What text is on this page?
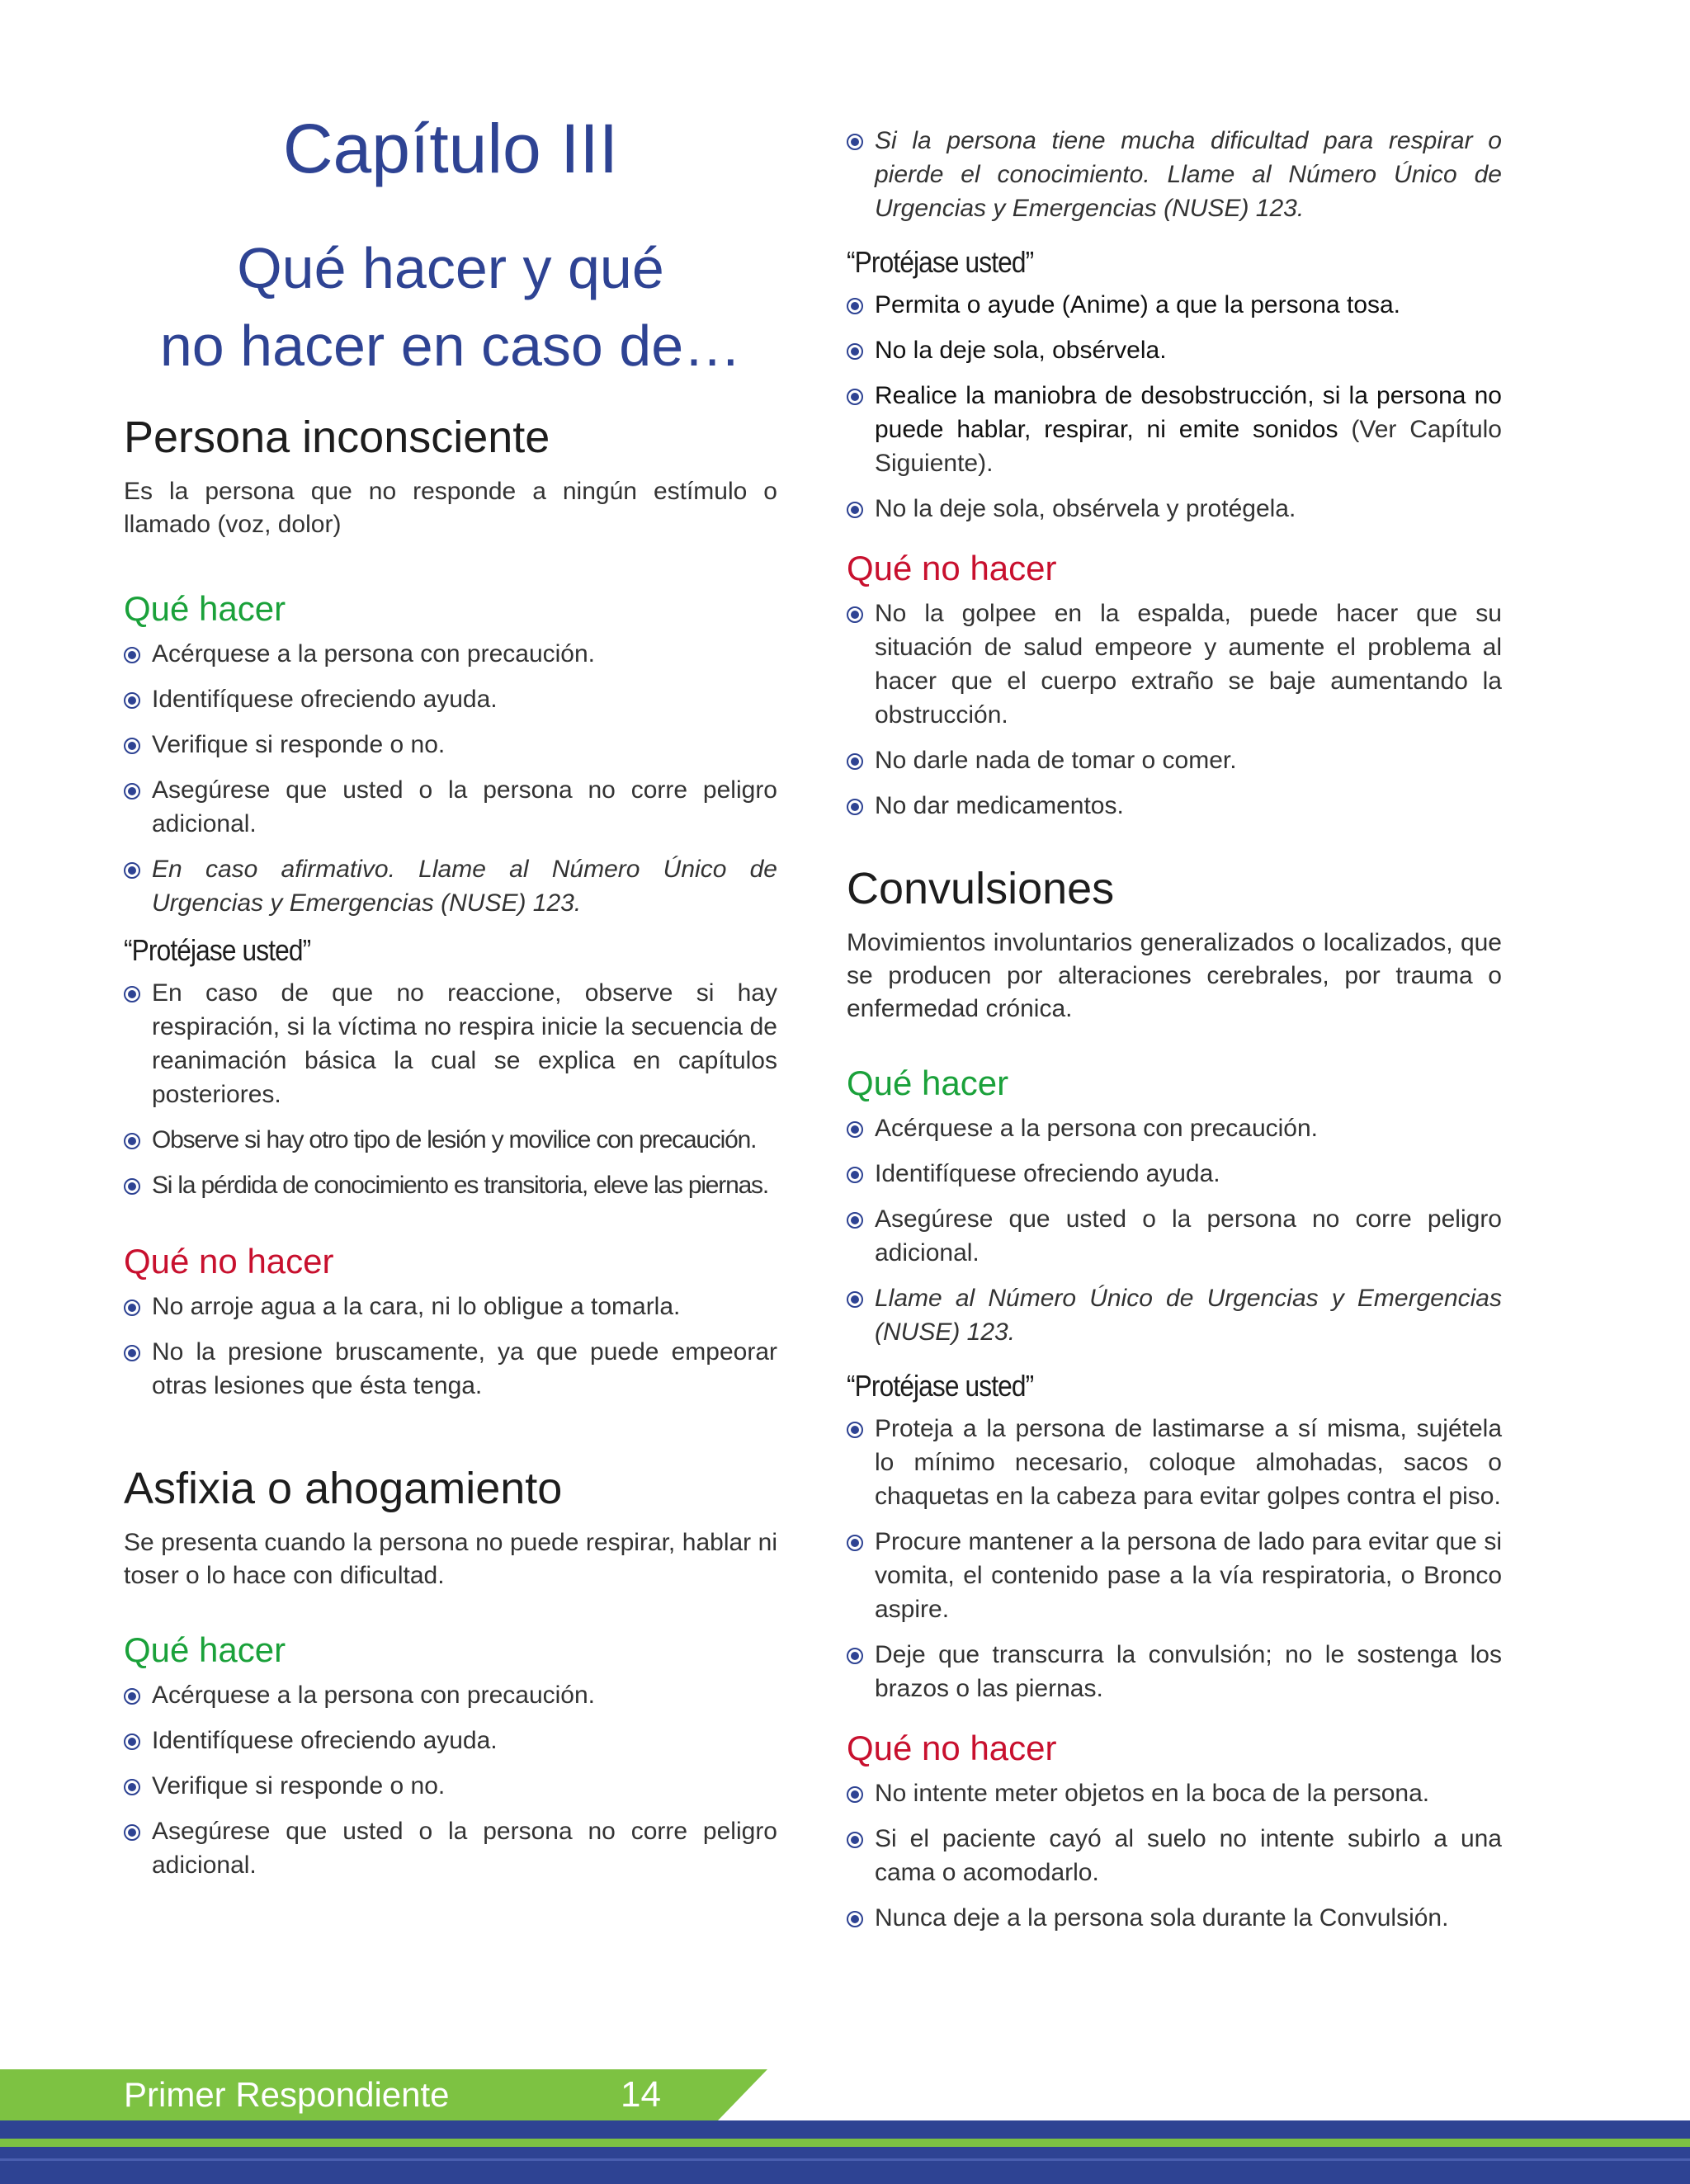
Capítulo III
Qué hacer y qué
no hacer en caso de…
Persona inconsciente
Es la persona que no responde a ningún estímulo o llamado (voz, dolor)
Qué hacer
Acérquese a la persona con precaución.
Identifíquese ofreciendo ayuda.
Verifique si responde o no.
Asegúrese que usted o la persona no corre peligro adicional.
En caso afirmativo. Llame al Número Único de Urgencias y Emergencias (NUSE) 123.
“Protéjase usted”
En caso de que no reaccione, observe si hay respiración, si la víctima no respira inicie la secuencia de reanimación básica la cual se explica en capítulos posteriores.
Observe si hay otro tipo de lesión y movilice con precaución.
Si la pérdida de conocimiento es transitoria, eleve las piernas.
Qué no hacer
No arroje agua a la cara, ni lo obligue a tomarla.
No la presione bruscamente, ya que puede empeorar otras lesiones que ésta tenga.
Asfixia o ahogamiento
Se presenta cuando la persona no puede respirar, hablar ni toser o lo hace con dificultad.
Qué hacer
Acérquese a la persona con precaución.
Identifíquese ofreciendo ayuda.
Verifique si responde o no.
Asegúrese que usted o la persona no corre peligro adicional.
Si la persona tiene mucha dificultad para respirar o pierde el conocimiento. Llame al Número Único de Urgencias y Emergencias (NUSE) 123.
“Protéjase usted”
Permita o ayude (Anime) a que la persona tosa.
No la deje sola, obsérvela.
Realice la maniobra de desobstrucción, si la persona no puede hablar, respirar, ni emite sonidos (Ver Capítulo Siguiente).
No la deje sola, obsérvela y protégela.
Qué no hacer
No la golpee en la espalda, puede hacer que su situación de salud empeore y aumente el problema al hacer que el cuerpo extraño se baje aumentando la obstrucción.
No darle nada de tomar o comer.
No dar medicamentos.
Convulsiones
Movimientos involuntarios generalizados o localizados, que se producen por alteraciones cerebrales, por trauma o enfermedad crónica.
Qué hacer
Acérquese a la persona con precaución.
Identifíquese ofreciendo ayuda.
Asegúrese que usted o la persona no corre peligro adicional.
Llame al Número Único de Urgencias y Emergencias (NUSE) 123.
“Protéjase usted”
Proteja a la persona de lastimarse a sí misma, sujétela lo mínimo necesario, coloque almohadas, sacos o chaquetas en la cabeza para evitar golpes contra el piso.
Procure mantener a la persona de lado para evitar que si vomita, el contenido pase a la vía respiratoria, o Bronco aspire.
Deje que transcurra la convulsión; no le sostenga los brazos o las piernas.
Qué no hacer
No intente meter objetos en la boca de la persona.
Si el paciente cayó al suelo no intente subirlo a una cama o acomodarlo.
Nunca deje a la persona sola durante la Convulsión.
Primer Respondiente	14
